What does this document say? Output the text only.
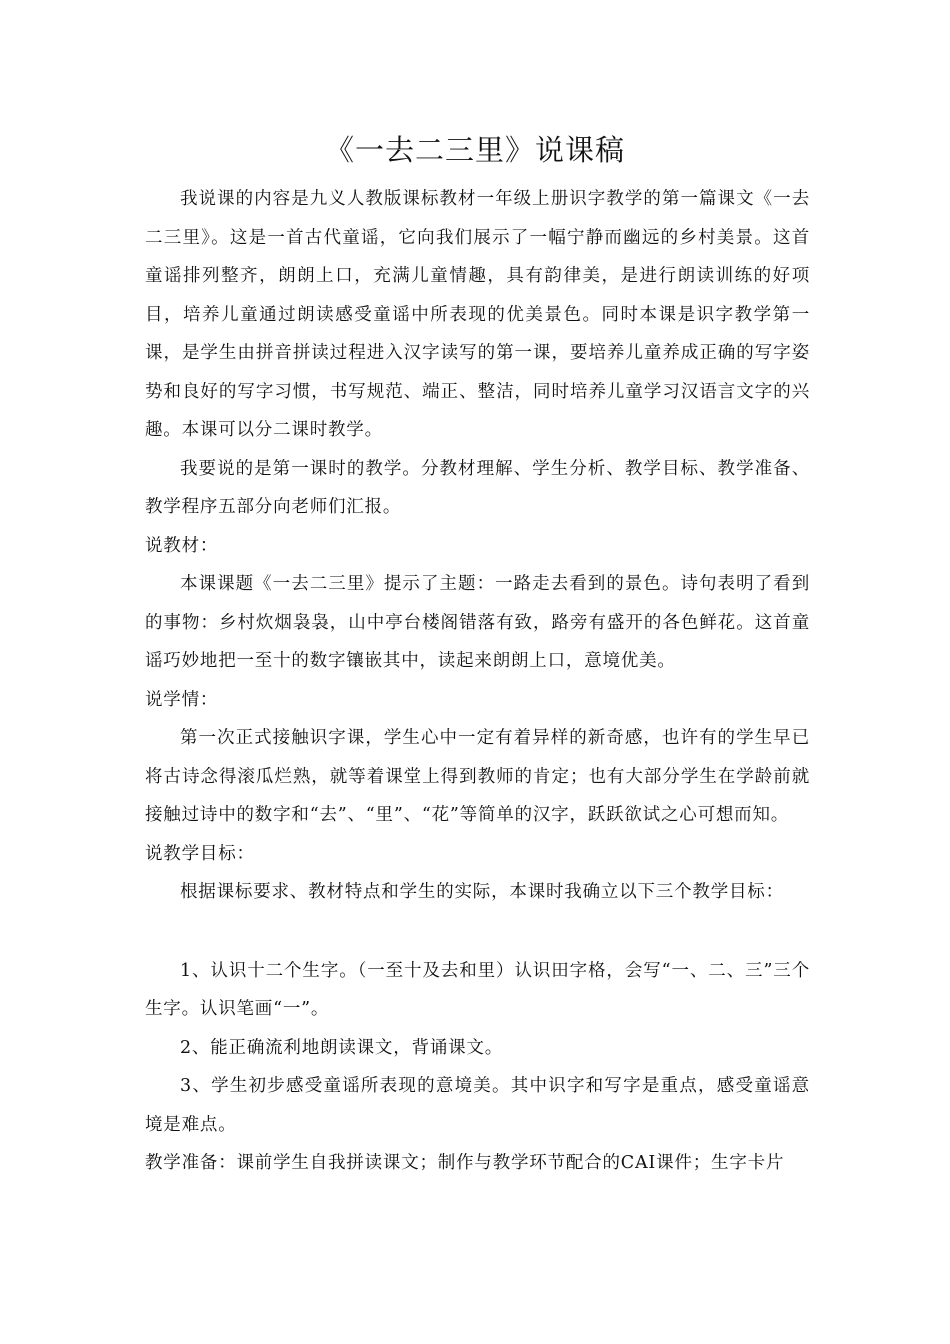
《一去二三里》说课稿

我说课的内容是九义人教版课标教材一年级上册识字教学的第一篇课文《一去二三里》。这是一首古代童谣，它向我们展示了一幅宁静而幽远的乡村美景。这首童谣排列整齐，朗朗上口，充满儿童情趣，具有韵律美，是进行朗读训练的好项目，培养儿童通过朗读感受童谣中所表现的优美景色。同时本课是识字教学第一课，是学生由拼音拼读过程进入汉字读写的第一课，要培养儿童养成正确的写字姿势和良好的写字习惯，书写规范、端正、整洁，同时培养儿童学习汉语言文字的兴趣。本课可以分二课时教学。

我要说的是第一课时的教学。分教材理解、学生分析、教学目标、教学准备、教学程序五部分向老师们汇报。

说教材：

本课课题《一去二三里》提示了主题：一路走去看到的景色。诗句表明了看到的事物：乡村炊烟袅袅，山中亭台楼阁错落有致，路旁有盛开的各色鲜花。这首童谣巧妙地把一至十的数字镶嵌其中，读起来朗朗上口，意境优美。

说学情：

第一次正式接触识字课，学生心中一定有着异样的新奇感，也许有的学生早已将古诗念得滚瓜烂熟，就等着课堂上得到教师的肯定；也有大部分学生在学龄前就接触过诗中的数字和“去”、“里”、“花”等简单的汉字，跃跃欲试之心可想而知。

说教学目标：

根据课标要求、教材特点和学生的实际，本课时我确立以下三个教学目标：

1、认识十二个生字。（一至十及去和里）认识田字格，会写“一、二、三”三个生字。认识笔画“一”。

2、能正确流利地朗读课文，背诵课文。

3、学生初步感受童谣所表现的意境美。其中识字和写字是重点，感受童谣意境是难点。

教学准备：课前学生自我拼读课文；制作与教学环节配合的CAI课件；生字卡片
